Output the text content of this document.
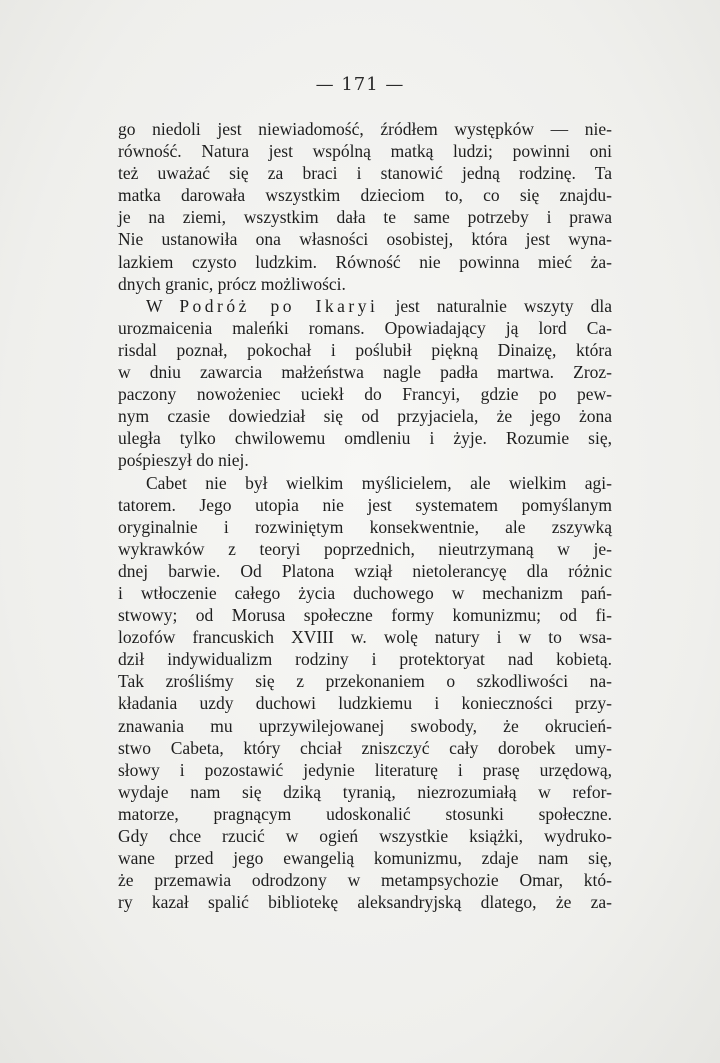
— 171 —
go niedoli jest niewiadomość, źródłem występków — nie-
równość. Natura jest wspólną matką ludzi; powinni oni
też uważać się za braci i stanowić jedną rodzinę. Ta
matka darowała wszystkim dzieciom to, co się znajdu-
je na ziemi, wszystkim dała te same potrzeby i prawa
Nie ustanowiła ona własności osobistej, która jest wyna-
lazkiem czysto ludzkim. Równość nie powinna mieć ża-
dnych granic, prócz możliwości.
W Podróż po Ikaryi jest naturalnie wszyty dla
urozmaicenia maleńki romans. Opowiadający ją lord Ca-
risdal poznał, pokochał i poślubił piękną Dinaizę, która
w dniu zawarcia małżeństwa nagle padła martwa. Zroz-
paczony nowożeniec uciekł do Francyi, gdzie po pew-
nym czasie dowiedział się od przyjaciela, że jego żona
uległa tylko chwilowemu omdleniu i żyje. Rozumie się,
pośpieszył do niej.
Cabet nie był wielkim myślicielem, ale wielkim agi-
tatorem. Jego utopia nie jest systematem pomyślanym
oryginalnie i rozwiniętym konsekwentnie, ale zszywką
wykrawków z teoryi poprzednich, nieutrzymaną w je-
dnej barwie. Od Platona wziął nietolerancyę dla różnic
i wtłoczenie całego życia duchowego w mechanizm pań-
stwowy; od Morusa społeczne formy komunizmu; od fi-
lozofów francuskich XVIII w. wolę natury i w to wsa-
dził indywidualizm rodziny i protektoryat nad kobietą.
Tak zrośliśmy się z przekonaniem o szkodliwości na-
kładania uzdy duchowi ludzkiemu i konieczności przy-
znawania mu uprzywilejowanej swobody, że okrucień-
stwo Cabeta, który chciał zniszczyć cały dorobek umy-
słowy i pozostawić jedynie literaturę i prasę urzędową,
wydaje nam się dziką tyranią, niezrozumiałą w refor-
matorze, pragnącym udoskonalić stosunki społeczne.
Gdy chce rzucić w ogień wszystkie książki, wydruko-
wane przed jego ewangelią komunizmu, zdaje nam się,
że przemawia odrodzony w metampsychozie Omar, któ-
ry kazał spalić bibliotekę aleksandryjską dlatego, że za-
